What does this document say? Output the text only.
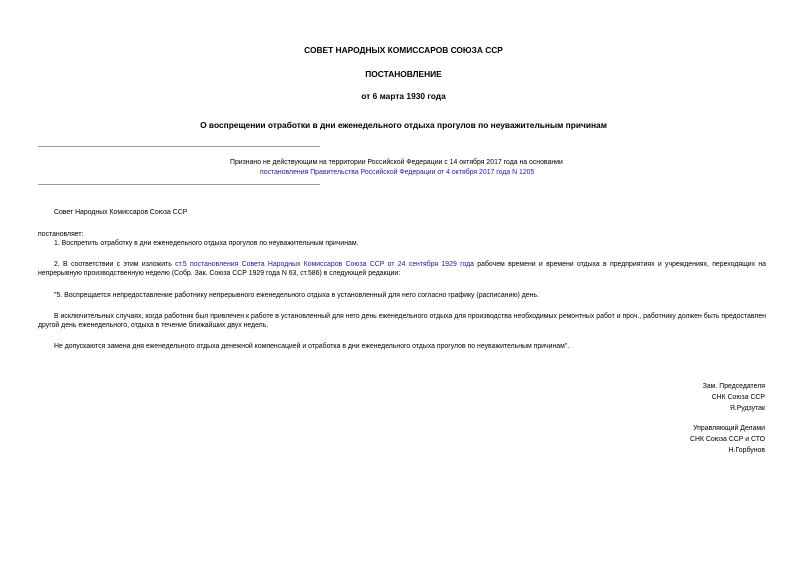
СОВЕТ НАРОДНЫХ КОМИССАРОВ СОЮЗА ССР
ПОСТАНОВЛЕНИЕ
от 6 марта 1930 года
О воспрещении отработки в дни еженедельного отдыха прогулов по неуважительным причинам
Признано не действующим на территории Российской Федерации с 14 октября 2017 года на основании
постановления Правительства Российской Федерации от 4 октября 2017 года N 1205
Совет Народных Комиссаров Союза ССР
постановляет:
1. Воспретить отработку в дни еженедельного отдыха прогулов по неуважительным причинам.
2. В соответствии с этим изложить ст.5 постановления Совета Народных Комиссаров Союза ССР от 24 сентября 1929 года рабочем времени и времени отдыха в предприятиях и учреждениях, переходящих на непрерывную производственную неделю (Собр. Зак. Союза ССР 1929 года N 63, ст.586) в следующей редакции:
"5. Воспрещается непредоставление работнику непрерывного еженедельного отдыха в установленный для него согласно графику (расписанию) день.
В исключительных случаях, когда работник был привлечен к работе в установленный для него день еженедельного отдыха для производства необходимых ремонтных работ и проч., работнику должен быть предоставлен другой день еженедельного, отдыха в течение ближайших двух недель.
Не допускаются замена дня еженедельного отдыха денежной компенсацией и отработка в дни еженедельного отдыха прогулов по неуважительным причинам".
Зам. Председателя
СНК Союза ССР
Я.Рудзутак
Управляющий Делами
СНК Союза ССР и СТО
Н.Горбунов
